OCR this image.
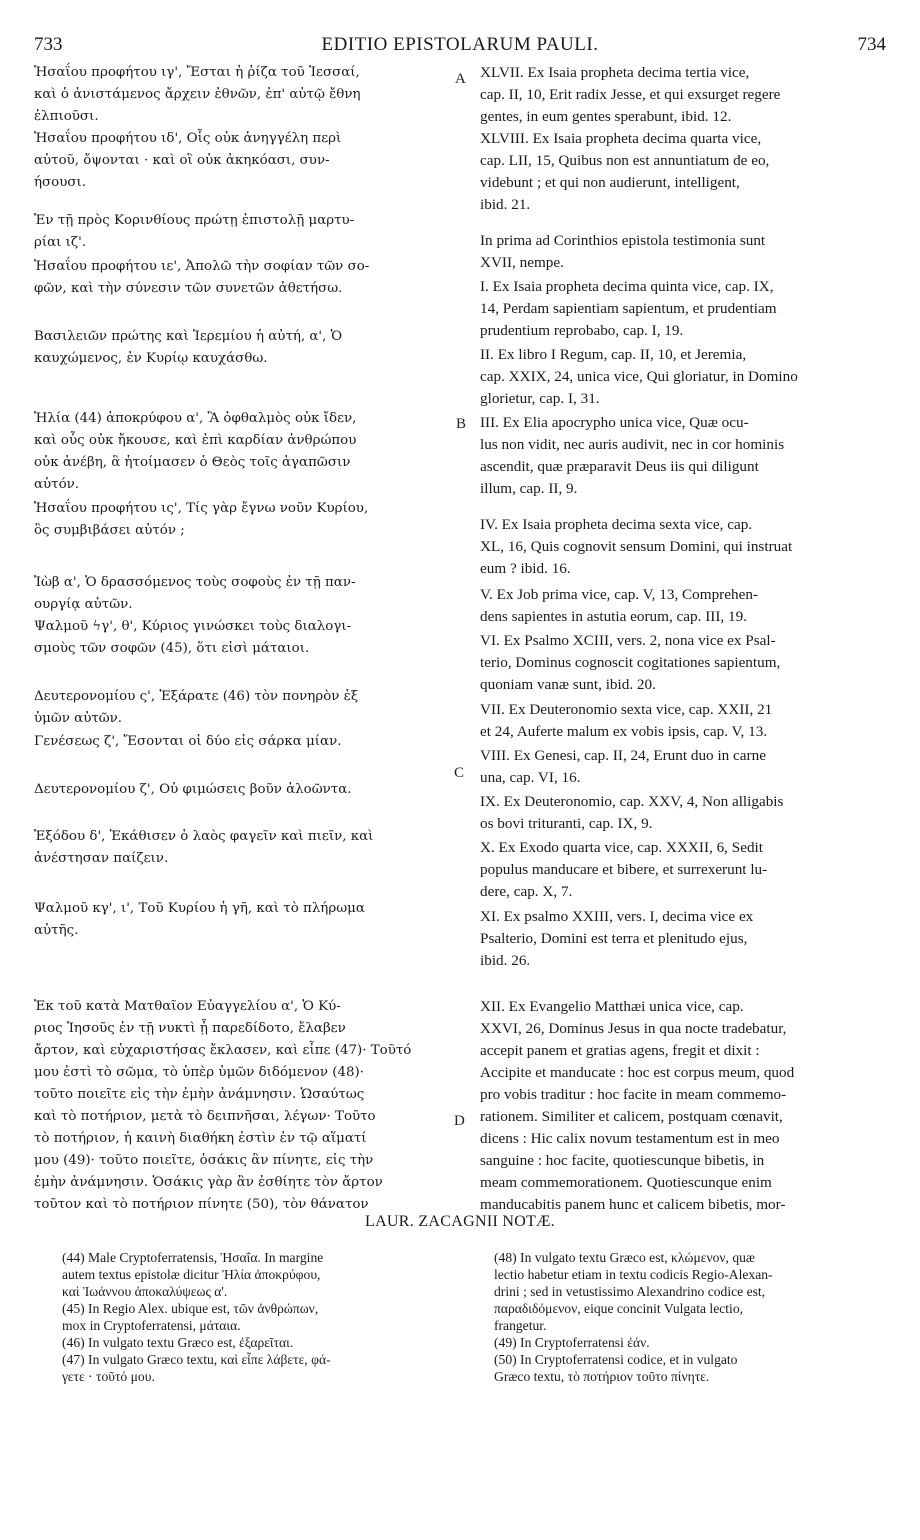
733	EDITIO EPISTOLARUM PAULI.	734
Ἡσαΐου προφήτου ιγ', Ἔσται ἡ ῥίζα τοῦ Ἰεσσαί,
καὶ ὁ ἀνιστάμενος ἄρχειν ἐθνῶν, ἐπ' αὐτῷ ἔθνη
ἐλπιοῦσι.
Ἡσαΐου προφήτου ιδ', Οἷς οὐκ ἀνηγγέλη περὶ
αὐτοῦ, ὄψονται · καὶ οἳ οὐκ ἀκηκόασι, συν-
ήσουσι.
Ἐν τῇ πρὸς Κορινθίους πρώτῃ ἐπιστολῇ μαρτυ-
ρίαι ιζ'.
Ἡσαΐου προφήτου ιε', Ἀπολῶ τὴν σοφίαν τῶν σο-
φῶν, καὶ τὴν σύνεσιν τῶν συνετῶν ἀθετήσω.
Βασιλειῶν πρώτης καὶ Ἱερεμίου ἡ αὐτή, α', Ὁ
καυχώμενος, ἐν Κυρίῳ καυχάσθω.
Ἠλία (44) ἀποκρύφου α', Ἃ ὀφθαλμὸς οὐκ ἴδεν,
καὶ οὖς οὐκ ἤκουσε, καὶ ἐπὶ καρδίαν ἀνθρώπου
οὐκ ἀνέβη, ἃ ἡτοίμασεν ὁ Θεὸς τοῖς ἀγαπῶσιν
αὐτόν.
Ἡσαΐου προφήτου ις', Τίς γὰρ ἔγνω νοῦν Κυρίου,
ὃς συμβιβάσει αὐτόν ;
Ἰὼβ α', Ὁ δρασσόμενος τοὺς σοφοὺς ἐν τῇ παν-
ουργίᾳ αὐτῶν.
Ψαλμοῦ ϟγ', θ', Κύριος γινώσκει τοὺς διαλογι-
σμοὺς τῶν σοφῶν (45), ὅτι εἰσὶ μάταιοι.
Δευτερονομίου ς', Ἐξάρατε (46) τὸν πονηρὸν ἐξ
ὑμῶν αὐτῶν.
Γενέσεως ζ', Ἔσονται οἱ δύο εἰς σάρκα μίαν.
Δευτερονομίου ζ', Οὐ φιμώσεις βοῦν ἀλοῶντα.
Ἐξόδου δ', Ἐκάθισεν ὁ λαὸς φαγεῖν καὶ πιεῖν, καὶ
ἀνέστησαν παίζειν.
Ψαλμοῦ κγ', ι', Τοῦ Κυρίου ἡ γῆ, καὶ τὸ πλήρωμα
αὐτῆς.
Ἐκ τοῦ κατὰ Ματθαῖον Εὐαγγελίου α', Ὁ Κύ-
ριος Ἰησοῦς ἐν τῇ νυκτὶ ᾗ παρεδίδοτο, ἔλαβεν
ἄρτον, καὶ εὐχαριστήσας ἔκλασεν, καὶ εἶπε (47)· Τοῦτό
μου ἐστὶ τὸ σῶμα, τὸ ὑπὲρ ὑμῶν διδόμενον (48)·
τοῦτο ποιεῖτε εἰς τὴν ἐμὴν ἀνάμνησιν. Ὡσαύτως
καὶ τὸ ποτήριον, μετὰ τὸ δειπνῆσαι, λέγων· Τοῦτο
τὸ ποτήριον, ἡ καινὴ διαθήκη ἐστὶν ἐν τῷ αἵματί
μου (49)· τοῦτο ποιεῖτε, ὁσάκις ἂν πίνητε, εἰς τὴν
ἐμὴν ἀνάμνησιν. Ὁσάκις γὰρ ἂν ἐσθίητε τὸν ἄρτον
τοῦτον καὶ τὸ ποτήριον πίνητε (50), τὸν θάνατον
XLVII. Ex Isaia propheta decima tertia vice,
cap. II, 10, Erit radix Jesse, et qui exsurget regere
gentes, in eum gentes sperabunt, ibid. 12.
XLVIII. Ex Isaia propheta decima quarta vice,
cap. LII, 15, Quibus non est annuntiatum de eo,
videbunt ; et qui non audierunt, intelligent,
ibid. 21.
In prima ad Corinthios epistola testimonia sunt
XVII, nempe.
I. Ex Isaia propheta decima quinta vice, cap. IX,
14, Perdam sapientiam sapientum, et prudentiam
prudentium reprobabo, cap. I, 19.
II. Ex libro I Regum, cap. II, 10, et Jeremia,
cap. XXIX, 24, unica vice, Qui gloriatur, in Domino
glorietur, cap. I, 31.
III. Ex Elia apocrypho unica vice, Quæ ocu-
lus non vidit, nec auris audivit, nec in cor hominis
ascendit, quæ præparavit Deus iis qui diligunt
illum, cap. II, 9.
IV. Ex Isaia propheta decima sexta vice, cap.
XL, 16, Quis cognovit sensum Domini, qui instruat
eum ? ibid. 16.
V. Ex Job prima vice, cap. V, 13, Comprehen-
dens sapientes in astutia eorum, cap. III, 19.
VI. Ex Psalmo XCIII, vers. 2, nona vice ex Psal-
terio, Dominus cognoscit cogitationes sapientum,
quoniam vanæ sunt, ibid. 20.
VII. Ex Deuteronomio sexta vice, cap. XXII, 21
et 24, Auferte malum ex vobis ipsis, cap. V, 13.
VIII. Ex Genesi, cap. II, 24, Erunt duo in carne
una, cap. VI, 16.
IX. Ex Deuteronomio, cap. XXV, 4, Non alligabis
os bovi trituranti, cap. IX, 9.
X. Ex Exodo quarta vice, cap. XXXII, 6, Sedit
populus manducare et bibere, et surrexerunt lu-
dere, cap. X, 7.
XI. Ex psalmo XXIII, vers. I, decima vice ex
Psalterio, Domini est terra et plenitudo ejus,
ibid. 26.
XII. Ex Evangelio Matthæi unica vice, cap.
XXVI, 26, Dominus Jesus in qua nocte tradebatur,
accepit panem et gratias agens, fregit et dixit :
Accipite et manducate : hoc est corpus meum, quod
pro vobis traditur : hoc facite in meam commemo-
rationem. Similiter et calicem, postquam cœnavit,
dicens : Hic calix novum testamentum est in meo
sanguine : hoc facite, quotiescunque bibetis, in
meam commemorationem. Quotiescunque enim
manducabitis panem hunc et calicem bibetis, mor-
A
B
C
D
LAUR. ZACAGNII NOTÆ.
(44) Male Cryptoferratensis, Ἡσαΐα. In margine
autem textus epistolæ dicitur Ἠλία ἀποκρύφου,
καὶ Ἰωάννου ἀποκαλύψεως α'.
(45) In Regio Alex. ubique est, τῶν ἀνθρώπων,
mox in Cryptoferratensi, μάταια.
(46) In vulgato textu Græco est, ἐξαρεῖται.
(47) In vulgato Græco textu, καὶ εἶπε λάβετε, φά-
γετε · τοῦτό μου.
(48) In vulgato textu Græco est, κλώμενον, quæ
lectio habetur etiam in textu codicis Regio-Alexan-
drini ; sed in vetustissimo Alexandrino codice est,
παραδιδόμενον, eique concinit Vulgata lectio,
frangetur.
(49) In Cryptoferratensi ἐάν.
(50) In Cryptoferratensi codice, et in vulgato
Græco textu, τὸ ποτήριον τοῦτο πίνητε.
